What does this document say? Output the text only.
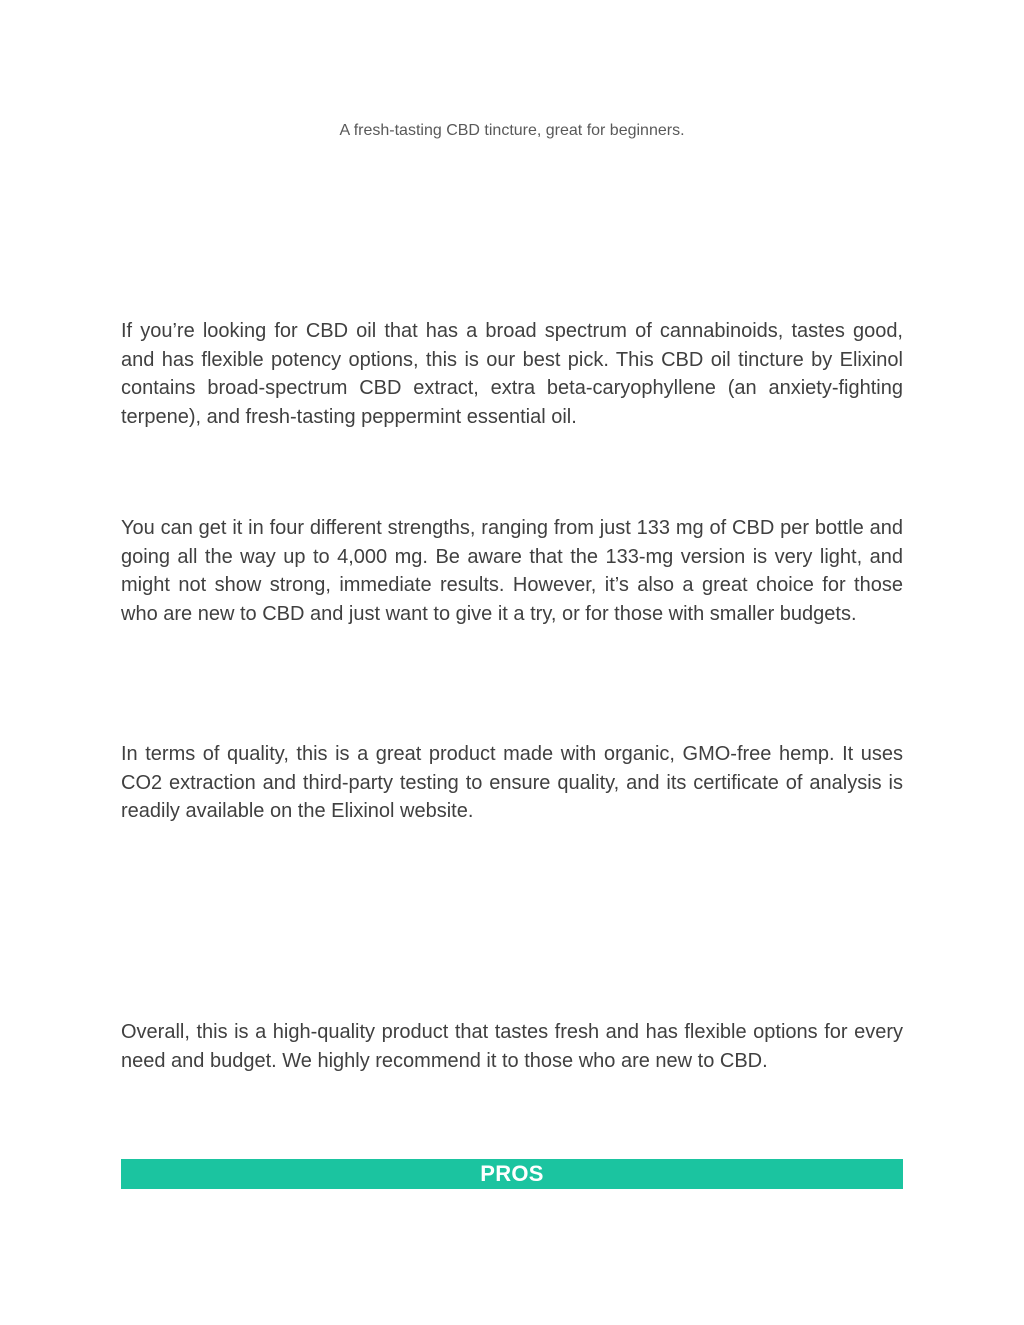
A fresh-tasting CBD tincture, great for beginners.

If you’re looking for CBD oil that has a broad spectrum of cannabinoids, tastes good, and has flexible potency options, this is our best pick. This CBD oil tincture by Elixinol contains broad-spectrum CBD extract, extra beta-caryophyllene (an anxiety-fighting terpene), and fresh-tasting peppermint essential oil.

You can get it in four different strengths, ranging from just 133 mg of CBD per bottle and going all the way up to 4,000 mg. Be aware that the 133-mg version is very light, and might not show strong, immediate results. However, it’s also a great choice for those who are new to CBD and just want to give it a try, or for those with smaller budgets.

In terms of quality, this is a great product made with organic, GMO-free hemp. It uses CO2 extraction and third-party testing to ensure quality, and its certificate of analysis is readily available on the Elixinol website.

Overall, this is a high-quality product that tastes fresh and has flexible options for every need and budget. We highly recommend it to those who are new to CBD.

PROS
